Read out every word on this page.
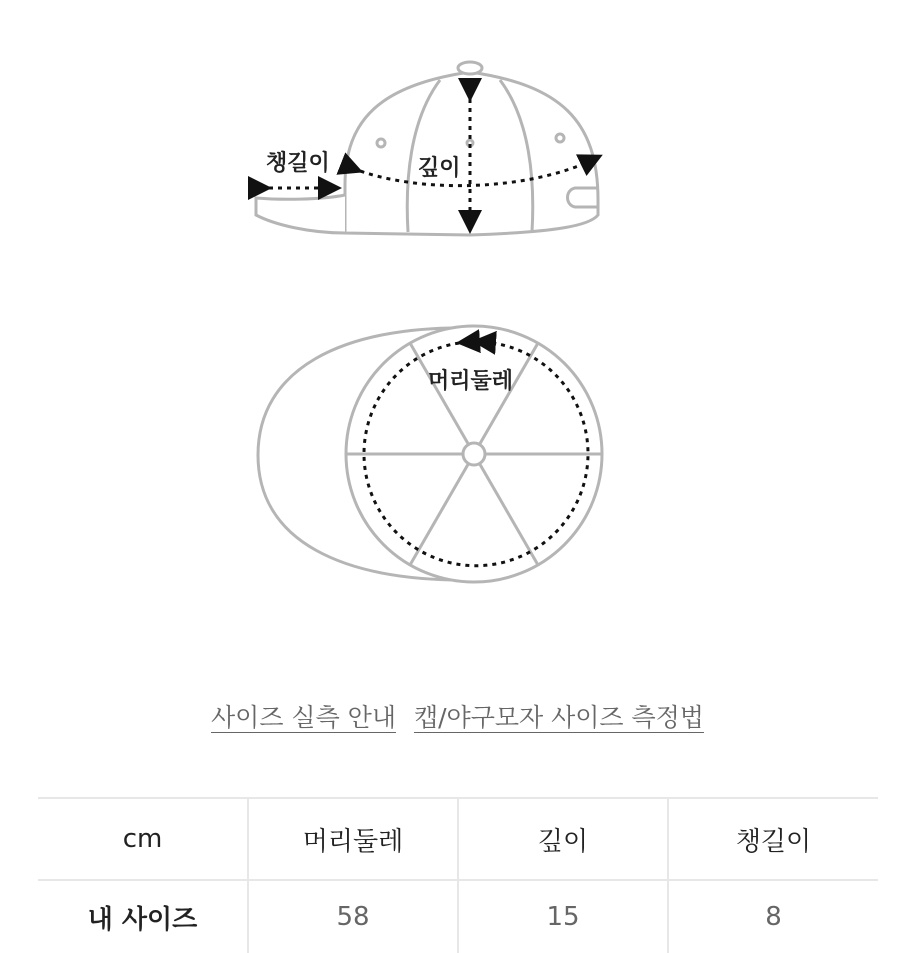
챙길이	깊이
머리둘레
사이즈 실측 안내 캡/야구모자 사이즈 측정법
cm	머리둘레	깊이	챙길이
내 사이즈	58	15	8
